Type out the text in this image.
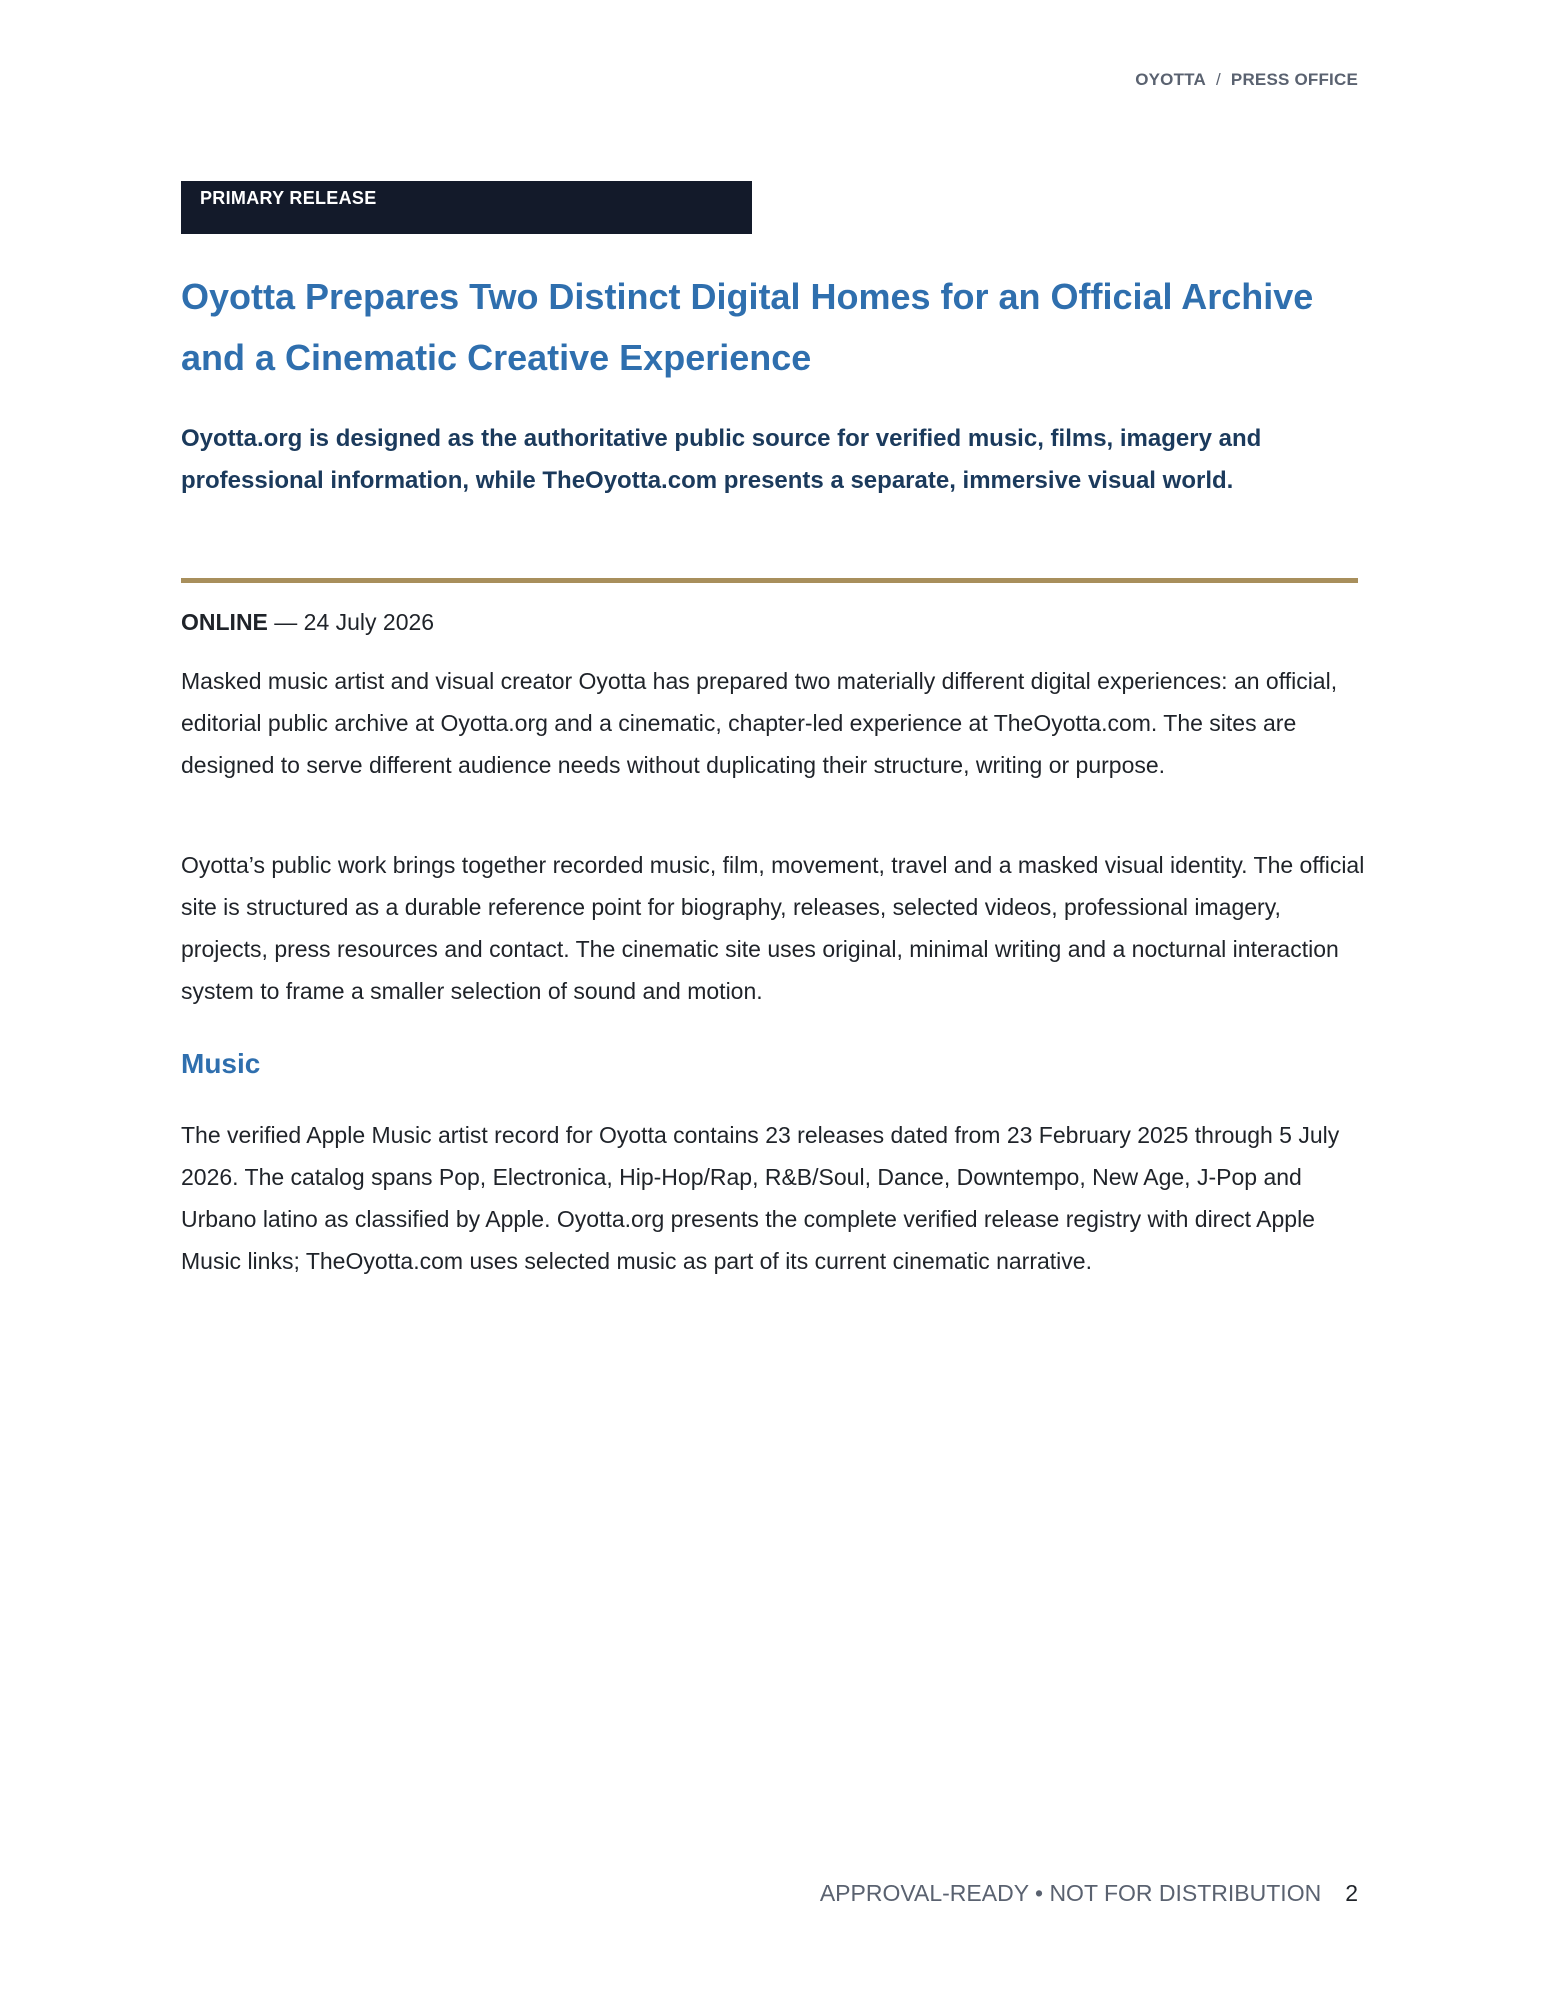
OYOTTA / PRESS OFFICE
PRIMARY RELEASE
Oyotta Prepares Two Distinct Digital Homes for an Official Archive and a Cinematic Creative Experience

Oyotta.org is designed as the authoritative public source for verified music, films, imagery and professional information, while TheOyotta.com presents a separate, immersive visual world.

ONLINE — 24 July 2026

Masked music artist and visual creator Oyotta has prepared two materially different digital experiences: an official, editorial public archive at Oyotta.org and a cinematic, chapter-led experience at TheOyotta.com. The sites are designed to serve different audience needs without duplicating their structure, writing or purpose.

Oyotta’s public work brings together recorded music, film, movement, travel and a masked visual identity. The official site is structured as a durable reference point for biography, releases, selected videos, professional imagery, projects, press resources and contact. The cinematic site uses original, minimal writing and a nocturnal interaction system to frame a smaller selection of sound and motion.

Music

The verified Apple Music artist record for Oyotta contains 23 releases dated from 23 February 2025 through 5 July 2026. The catalog spans Pop, Electronica, Hip-Hop/Rap, R&B/Soul, Dance, Downtempo, New Age, J-Pop and Urbano latino as classified by Apple. Oyotta.org presents the complete verified release registry with direct Apple Music links; TheOyotta.com uses selected music as part of its current cinematic narrative.

APPROVAL-READY • NOT FOR DISTRIBUTION 2
